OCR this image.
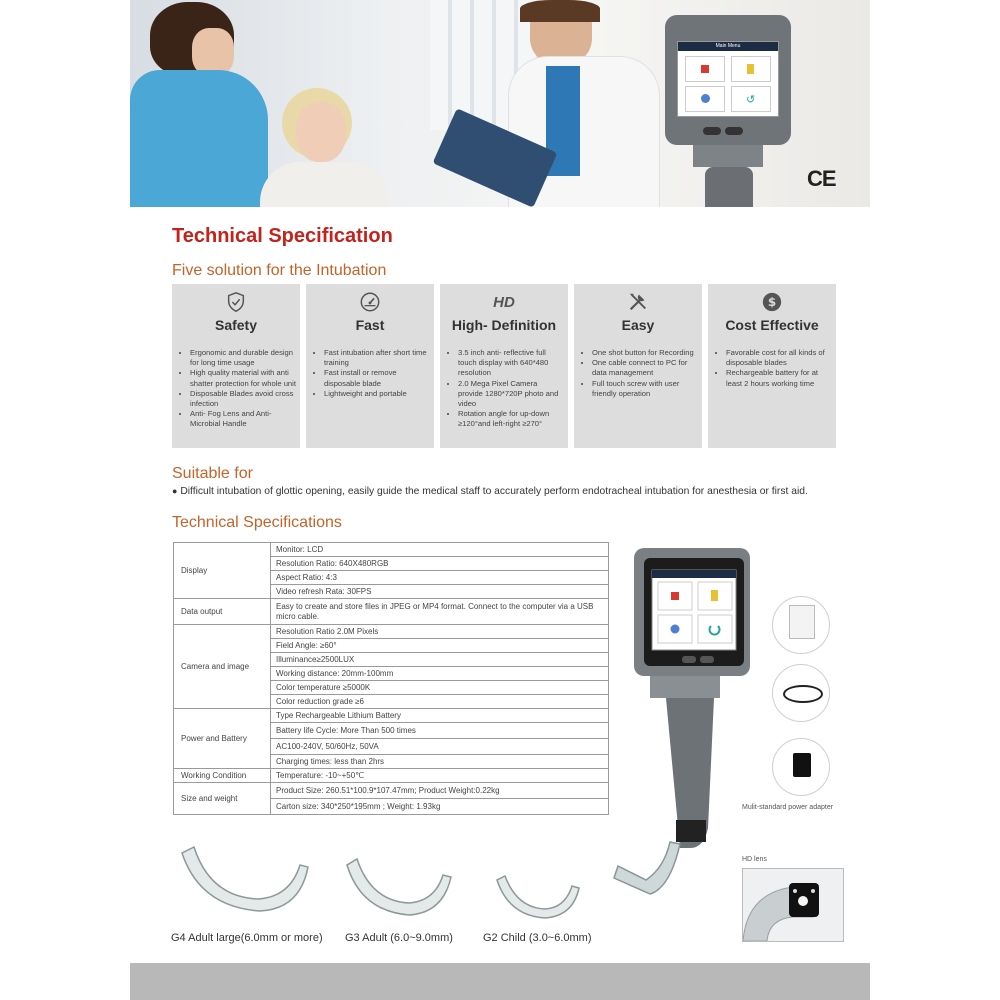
Main Menu
↺
CE
Technical Specification
Five solution for the Intubation
Safety
• Ergonomic and durable design for long time usage
• High quality material with anti shatter protection for whole unit
• Disposable Blades avoid cross infection
• Anti- Fog Lens and Anti-Microbial Handle
Fast
• Fast intubation after short time training
• Fast install or remove disposable blade
• Lightweight and portable
HD
High- Definition
• 3.5 inch anti- reflective full touch display with 640*480 resolution
• 2.0 Mega Pixel Camera provide 1280*720P photo and video
• Rotation angle for up-down ≥120°and left-right ≥270°
Easy
• One shot button for Recording
• One cable connect to PC for data management
• Full touch screw with user friendly operation
$
Cost Effective
• Favorable cost for all kinds of disposable blades
• Rechargeable battery for at least 2 hours working time
Suitable for
● Difficult intubation of glottic opening, easily guide the medical staff to accurately perform endotracheal intubation for anesthesia or first aid.
Technical Specifications
Display	Monitor: LCD
	Resolution Ratio: 640X480RGB
	Aspect Ratio: 4:3
	Video refresh Rata: 30FPS
Data output	Easy to create and store files in JPEG or MP4 format. Connect to the computer via a USB micro cable.
Camera and image	Resolution Ratio 2.0M Pixels
	Field Angle: ≥60°
	Illuminance≥2500LUX
	Working distance: 20mm-100mm
	Color temperature ≥5000K
	Color reduction grade ≥6
Power and Battery	Type Rechargeable Lithium Battery
	Battery life Cycle: More Than 500 times
	AC100-240V, 50/60Hz, 50VA
	Charging times: less than 2hrs
Working Condition	Temperature: -10~+50℃
Size and weight	Product Size: 260.51*100.9*107.47mm; Product Weight:0.22kg
	Carton size: 340*250*195mm ; Weight: 1.93kg	Mulit-standard power adapter
HD lens
G4 Adult large(6.0mm or more) G3 Adult (6.0~9.0mm)	G2 Child (3.0~6.0mm)
